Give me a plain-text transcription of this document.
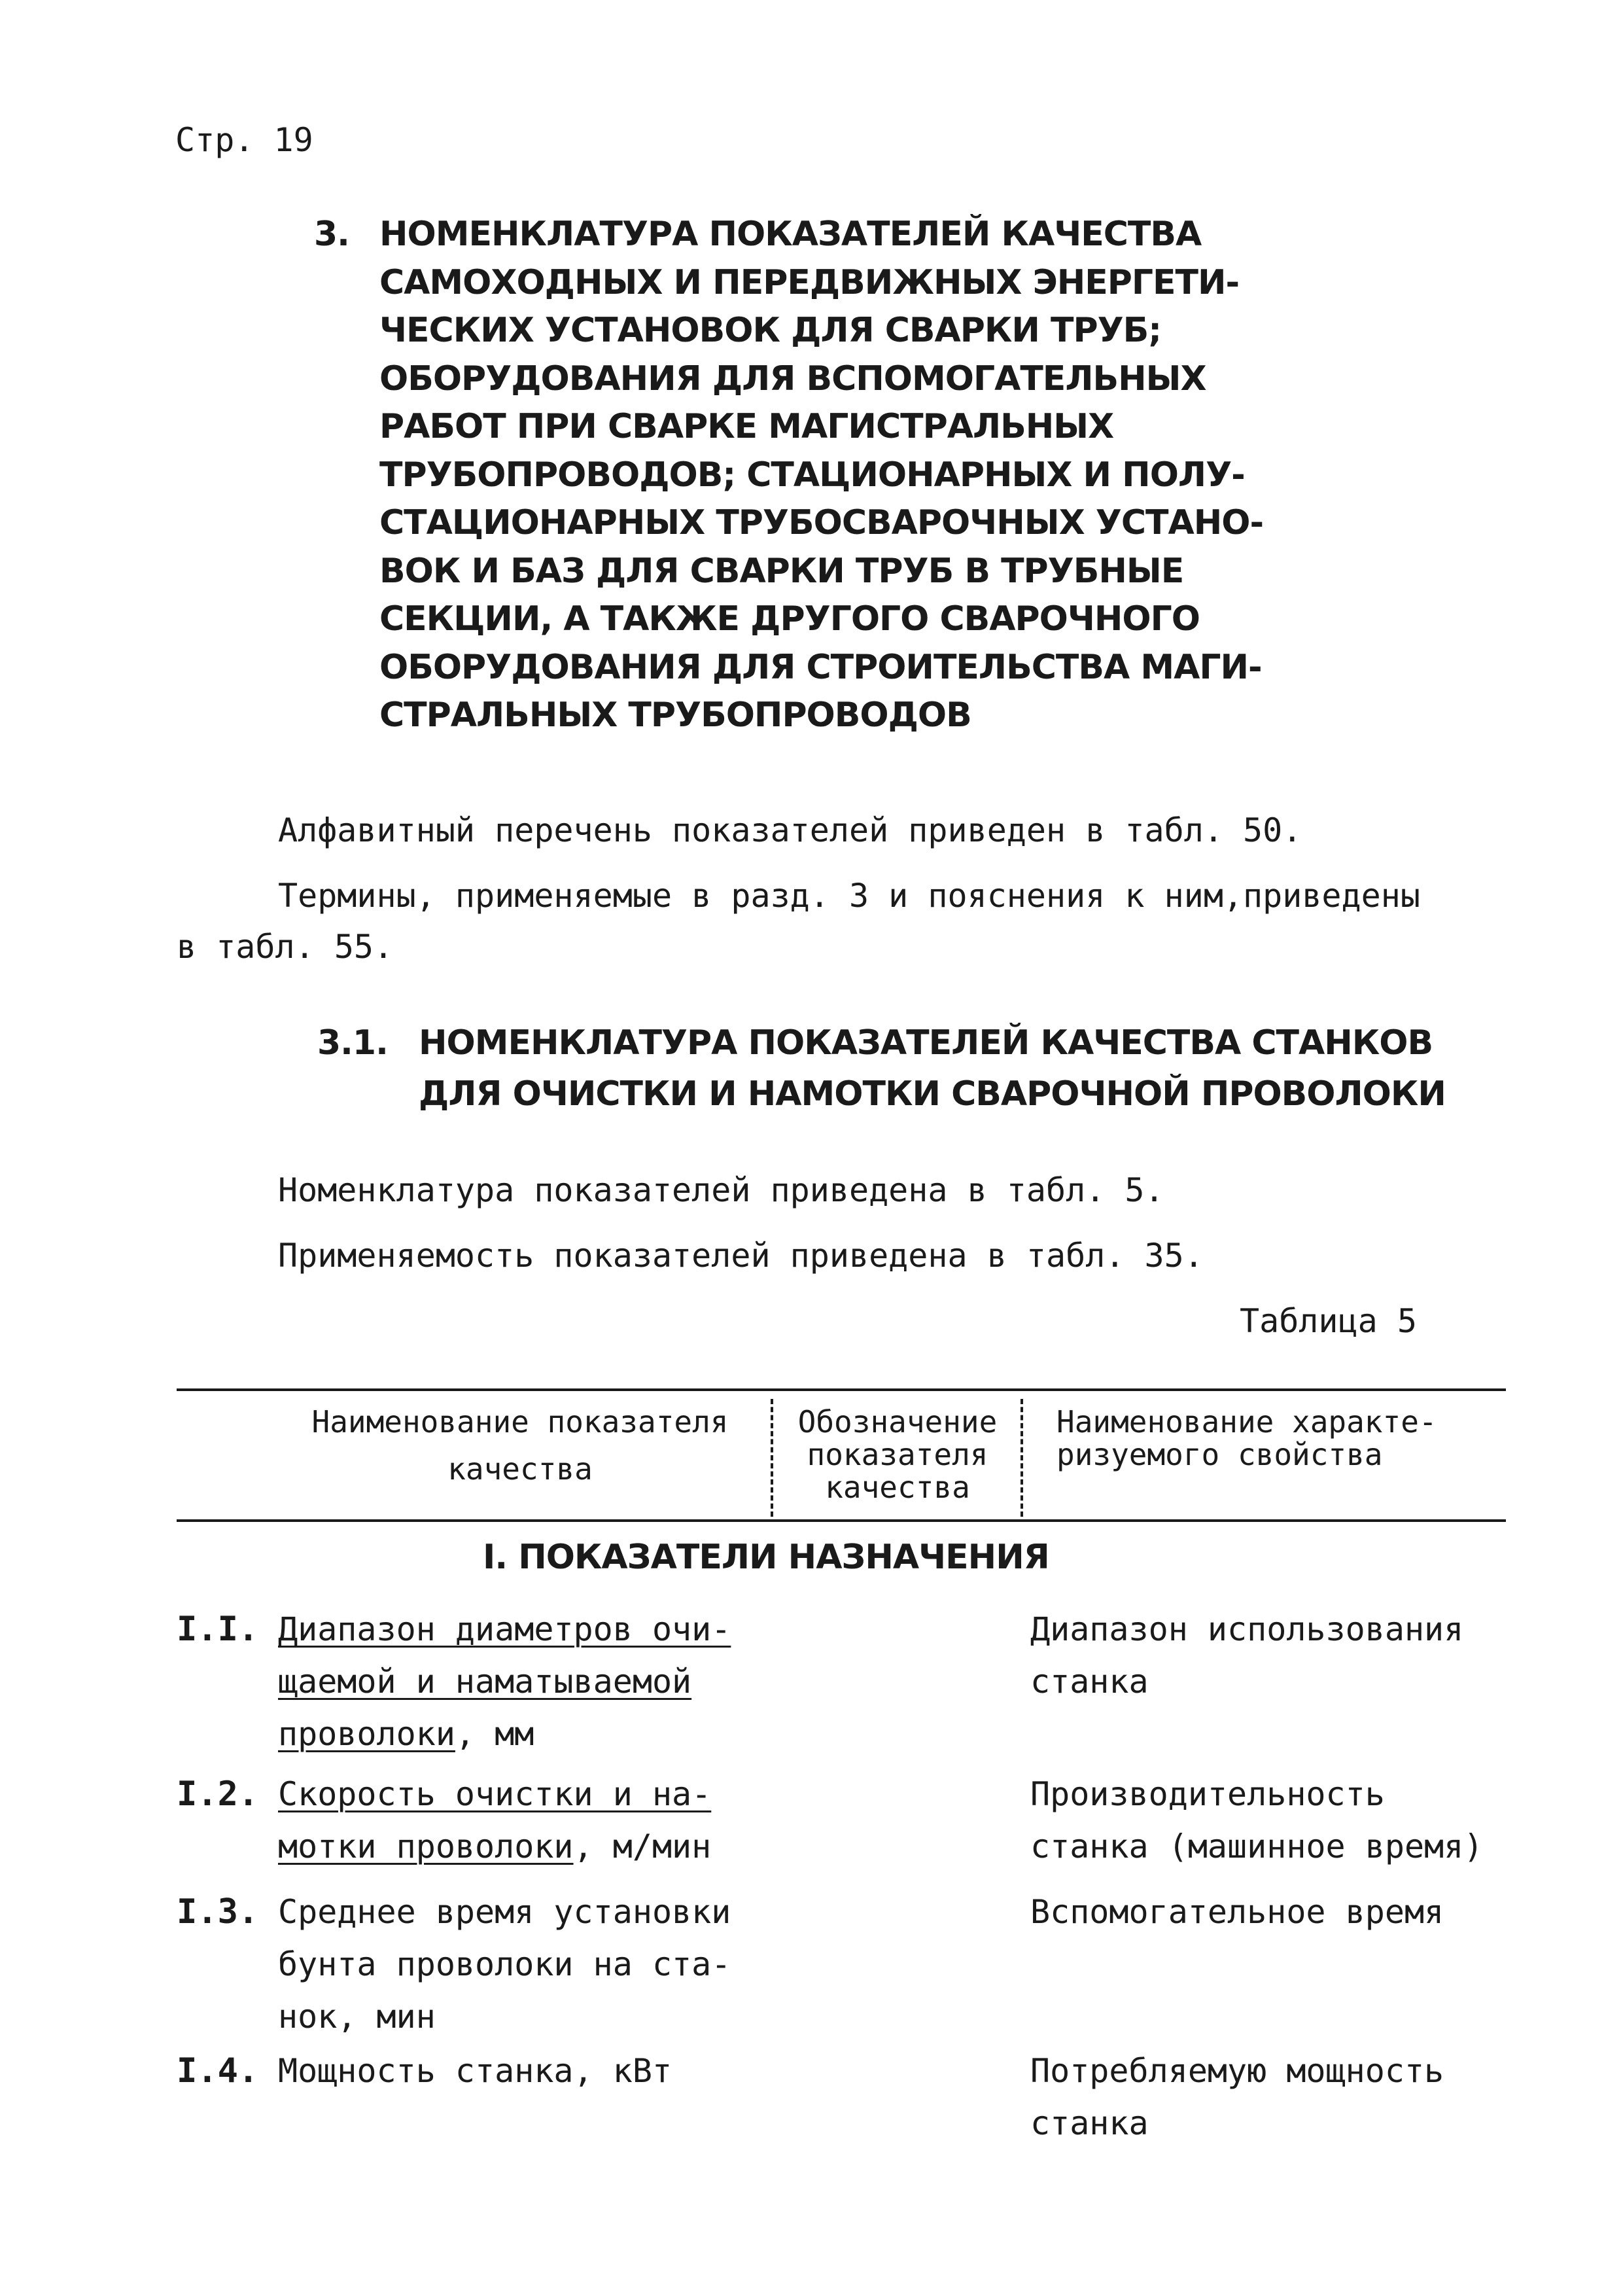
Стр. 19
3. НОМЕНКЛАТУРА ПОКАЗАТЕЛЕЙ КАЧЕСТВА
САМОХОДНЫХ И ПЕРЕДВИЖНЫХ ЭНЕРГЕТИ-
ЧЕСКИХ УСТАНОВОК ДЛЯ СВАРКИ ТРУБ;
ОБОРУДОВАНИЯ ДЛЯ ВСПОМОГАТЕЛЬНЫХ
РАБОТ ПРИ СВАРКЕ МАГИСТРАЛЬНЫХ
ТРУБОПРОВОДОВ; СТАЦИОНАРНЫХ И ПОЛУ-
СТАЦИОНАРНЫХ ТРУБОСВАРОЧНЫХ УСТАНО-
ВОК И БАЗ ДЛЯ СВАРКИ ТРУБ В ТРУБНЫЕ
СЕКЦИИ, А ТАКЖЕ ДРУГОГО СВАРОЧНОГО
ОБОРУДОВАНИЯ ДЛЯ СТРОИТЕЛЬСТВА МАГИ-
СТРАЛЬНЫХ ТРУБОПРОВОДОВ
Алфавитный перечень показателей приведен в табл. 50.
Термины, применяемые в разд. 3 и пояснения к ним,приведены
в табл. 55.
3.1. НОМЕНКЛАТУРА ПОКАЗАТЕЛЕЙ КАЧЕСТВА СТАНКОВ
ДЛЯ ОЧИСТКИ И НАМОТКИ СВАРОЧНОЙ ПРОВОЛОКИ
Номенклатура показателей приведена в табл. 5.
Применяемость показателей приведена в табл. 35.
Таблица 5
Наименование показателя
качества
Обозначение
показателя
качества
Наименование характе-
ризуемого свойства
I. ПОКАЗАТЕЛИ НАЗНАЧЕНИЯ
I.I. Диапазон диаметров очи-
щаемой и наматываемой
проволоки, мм
Диапазон использования
станка
I.2. Скорость очистки и на-
мотки проволоки, м/мин
Производительность
станка (машинное время)
I.3. Среднее время установки
бунта проволоки на ста-
нок, мин
Вспомогательное время
I.4. Мощность станка, кВт	Потребляемую мощность
станка
